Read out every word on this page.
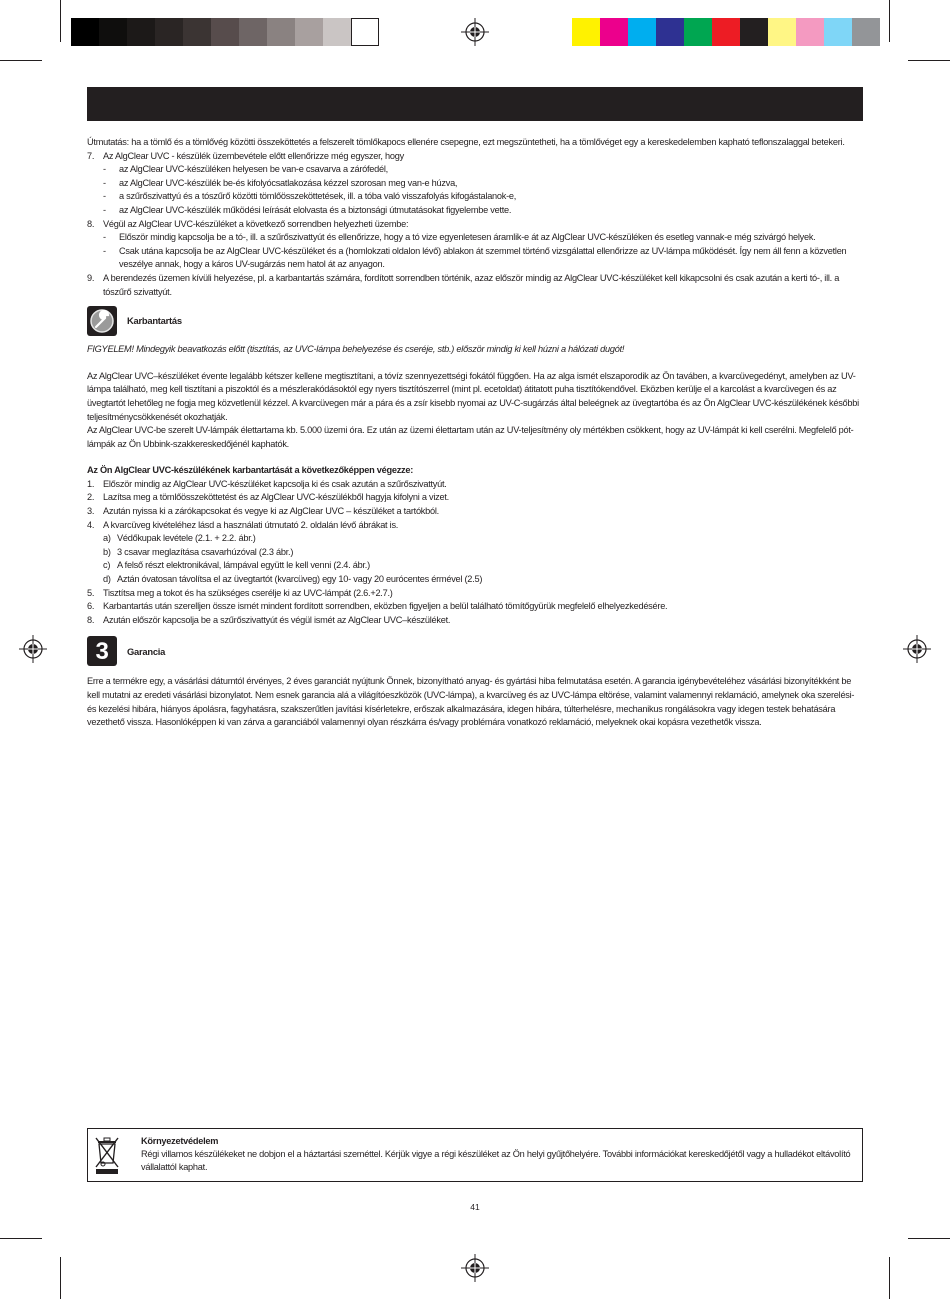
Útmutatás: ha a tömlő és a tömlővég közötti összeköttetés a felszerelt tömlőkapocs ellenére csepegne, ezt megszüntetheti, ha a tömlővéget egy a kereskedelemben kapható teflonszalaggal betekeri.

7. Az AlgClear UVC - készülék üzembevétele előtt ellenőrizze még egyszer, hogy
-	az AlgClear UVC-készüléken helyesen be van-e csavarva a zárófedél,
-	az AlgClear UVC-készülék be-és kifolyócsatlakozása kézzel szorosan meg van-e húzva,
-	a szűrőszivattyú és a tószűrő közötti tömlőösszeköttetések, ill. a tóba való visszafolyás kifogástalanok-e,
-	az AlgClear UVC-készülék működési leírását elolvasta és a biztonsági útmutatásokat figyelembe vette.
8. Végül az AlgClear UVC-készüléket a következő sorrendben helyezheti üzembe:
-	Először mindig kapcsolja be a tó-, ill. a szűrőszivattyút és ellenőrizze, hogy a tó vize egyenletesen áramlik-e át az AlgClear UVC-készüléken és esetleg vannak-e még szivárgó helyek.
-	Csak utána kapcsolja be az AlgClear UVC-készüléket és a (homlokzati oldalon lévő) ablakon át szemmel történő vizsgálattal ellenőrizze az UV-lámpa működését. Így nem áll fenn a közvetlen veszélye annak, hogy a káros UV-sugárzás nem hatol át az anyagon.
9. A berendezés üzemen kívüli helyezése, pl. a karbantartás számára, fordított sorrendben történik, azaz először mindig az AlgClear UVC-készüléket kell kikapcsolni és csak azután a kerti tó-, ill. a tószűrő szivattyút.
Karbantartás

FIGYELEM! Mindegyik beavatkozás előtt (tisztítás, az UVC-lámpa behelyezése és cseréje, stb.) először mindig ki kell húzni a hálózati dugót!

Az AlgClear UVC–készüléket évente legalább kétszer kellene megtisztítani, a tóvíz szennyezettségi fokától függően. Ha az alga ismét elszaporodik az Ön taváben, a kvarcüvegedényt, amelyben az UV-lámpa található, meg kell tisztítani a piszoktól és a mészlerakódásoktól egy nyers tisztítószerrel (mint pl. ecetoldat) átitatott puha tisztítókendővel. Eközben kerülje el a karcolást a kvarcüvegen és az üvegtartót lehetőleg ne fogja meg közvetlenül kézzel. A kvarcüvegen már a pára és a zsír kisebb nyomai az UV-C-sugárzás által beleégnek az üvegtartóba és az Ön AlgClear UVC-készülékének későbbi teljesítménycsökkenését okozhatják.

Az AlgClear UVC-be szerelt UV-lámpák élettartama kb. 5.000 üzemi óra. Ez után az üzemi élettartam után az UV-teljesítmény oly mértékben csökkent, hogy az UV-lámpát ki kell cserélni. Megfelelő pót-lámpák az Ön Ubbink-szakkereskedőjénél kaphatók.

Az Ön AlgClear UVC-készülékének karbantartását a következőképpen végezze:

1. Először mindig az AlgClear UVC-készüléket kapcsolja ki és csak azután a szűrőszivattyút.
2. Lazítsa meg a tömlőösszeköttetést és az AlgClear UVC-készülékből hagyja kifolyni a vizet.
3. Azután nyissa ki a zárókapcsokat és vegye ki az AlgClear UVC – készüléket a tartókból.
4. A kvarcüveg kivételéhez lásd a használati útmutató 2. oldalán lévő ábrákat is.
a) Védőkupak levétele (2.1. + 2.2. ábr.)
b) 3 csavar meglazítása csavarhúzóval (2.3 ábr.)
c) A felső részt elektronikával, lámpával együtt le kell venni (2.4. ábr.)
d) Aztán óvatosan távolítsa el az üvegtartót (kvarcüveg) egy 10- vagy 20 eurócentes érmével (2.5)
5. Tisztítsa meg a tokot és ha szükséges cserélje ki az UVC-lámpát (2.6.+2.7.)
6. Karbantartás után szerelljen össze ismét mindent fordított sorrendben, eközben figyeljen a belül található tömítőgyürük megfelelő elhelyezkedésére.
8. Azután először kapcsolja be a szűrőszivattyút és végül ismét az AlgClear UVC–készüléket.
3	Garancia

Erre a termékre egy, a vásárlási dátumtól érvényes, 2 éves garanciát nyújtunk Önnek, bizonyítható anyag- és gyártási hiba felmutatása esetén. A garancia igénybevételéhez vásárlási bizonyítékként be kell mutatni az eredeti vásárlási bizonylatot. Nem esnek garancia alá a világítóeszközök (UVC-lámpa), a kvarcüveg és az UVC-lámpa eltörése, valamint valamennyi reklamáció, amelynek oka szerelési- és kezelési hibára, hiányos ápolásra, fagyhatásra, szakszerűtlen javítási kísérletekre, erőszak alkalmazására, idegen hibára, túlterhelésre, mechanikus rongálásokra vagy idegen testek behatására vezethető vissza. Hasonlóképpen ki van zárva a garanciából valamennyi olyan részkárra és/vagy problémára vonatkozó reklamáció, melyeknek okai kopásra vezethetők vissza.

Környezetvédelem

Régi villamos készülékeket ne dobjon el a háztartási szeméttel. Kérjük vigye a régi készüléket az Ön helyi gyűjtőhelyére. További információkat kereskedőjétől vagy a hulladékot eltávolító vállalattól kaphat.

41
